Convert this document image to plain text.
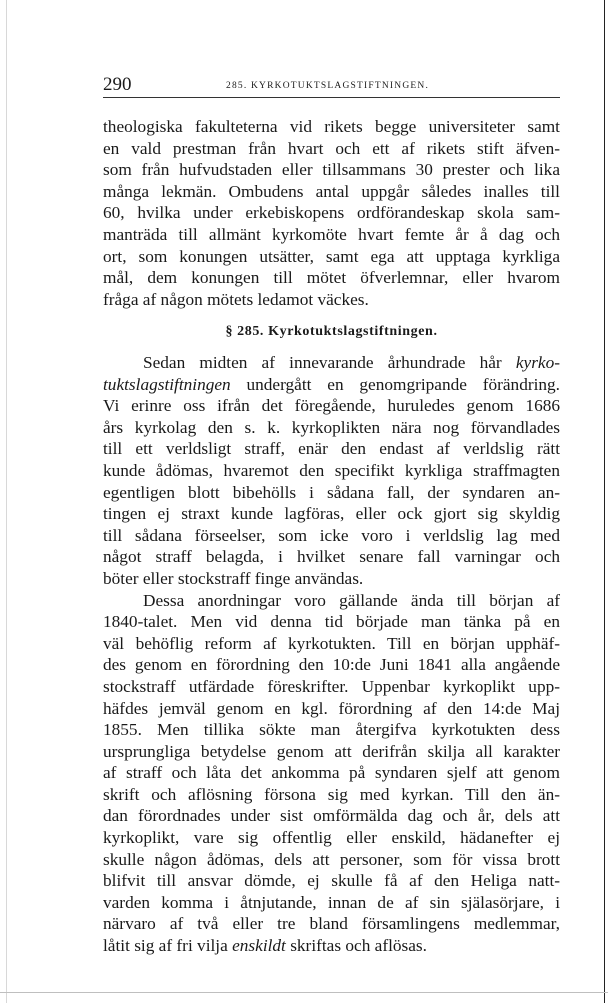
290	285. KYRKOTUKTSLAGSTIFTNINGEN.
theologiska fakulteterna vid rikets begge universiteter samt
en vald prestman från hvart och ett af rikets stift äfven-
som från hufvudstaden eller tillsammans 30 prester och lika
många lekmän. Ombudens antal uppgår således inalles till
60, hvilka under erkebiskopens ordförandeskap skola sam-
manträda till allmänt kyrkomöte hvart femte år å dag och
ort, som konungen utsätter, samt ega att upptaga kyrkliga
mål, dem konungen till mötet öfverlemnar, eller hvarom
fråga af någon mötets ledamot väckes.
§ 285. Kyrkotuktslagstiftningen.
Sedan midten af innevarande århundrade hår kyrko-
tuktslagstiftningen undergått en genomgripande förändring.
Vi erinre oss ifrån det föregående, huruledes genom 1686
års kyrkolag den s. k. kyrkoplikten nära nog förvandlades
till ett verldsligt straff, enär den endast af verldslig rätt
kunde ådömas, hvaremot den specifikt kyrkliga straffmagten
egentligen blott bibehölls i sådana fall, der syndaren an-
tingen ej straxt kunde lagföras, eller ock gjort sig skyldig
till sådana förseelser, som icke voro i verldslig lag med
något straff belagda, i hvilket senare fall varningar och
böter eller stockstraff finge användas.
Dessa anordningar voro gällande ända till början af
1840-talet. Men vid denna tid började man tänka på en
väl behöflig reform af kyrkotukten. Till en början upphäf-
des genom en förordning den 10:de Juni 1841 alla angående
stockstraff utfärdade föreskrifter. Uppenbar kyrkoplikt upp-
häfdes jemväl genom en kgl. förordning af den 14:de Maj
1855. Men tillika sökte man återgifva kyrkotukten dess
ursprungliga betydelse genom att derifrån skilja all karakter
af straff och låta det ankomma på syndaren sjelf att genom
skrift och aflösning försona sig med kyrkan. Till den än-
dan förordnades under sist omförmälda dag och år, dels att
kyrkoplikt, vare sig offentlig eller enskild, hädanefter ej
skulle någon ådömas, dels att personer, som för vissa brott
blifvit till ansvar dömde, ej skulle få af den Heliga natt-
varden komma i åtnjutande, innan de af sin själasörjare, i
närvaro af två eller tre bland församlingens medlemmar,
låtit sig af fri vilja enskildt skriftas och aflösas.
